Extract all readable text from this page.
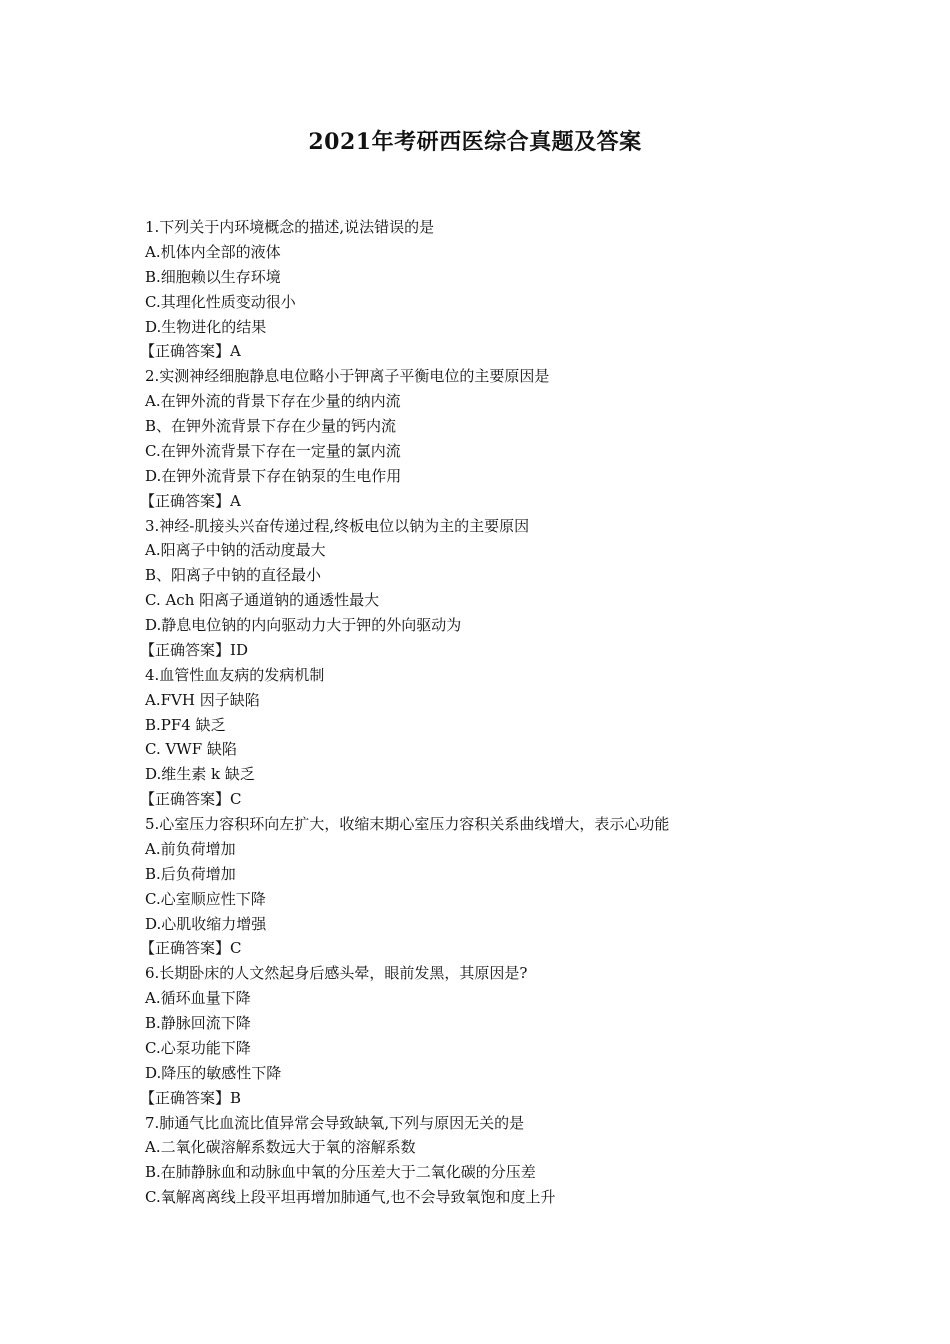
2021年考研西医综合真题及答案
1.下列关于内环境概念的描述,说法错误的是
A.机体内全部的液体
B.细胞赖以生存环境
C.其理化性质变动很小
D.生物进化的结果
【正确答案】A
2.实测神经细胞静息电位略小于钾离子平衡电位的主要原因是
A.在钾外流的背景下存在少量的纳内流
B、在钾外流背景下存在少量的钙内流
C.在钾外流背景下存在一定量的氯内流
D.在钾外流背景下存在钠泵的生电作用
【正确答案】A
3.神经-肌接头兴奋传递过程,终板电位以钠为主的主要原因
A.阳离子中钠的活动度最大
B、阳离子中钠的直径最小
C. Ach 阳离子通道钠的通透性最大
D.静息电位钠的内向驱动力大于钾的外向驱动为
【正确答案】ID
4.血管性血友病的发病机制
A.FVH 因子缺陷
B.PF4 缺乏
C. VWF 缺陷
D.维生素 k 缺乏
【正确答案】C
5.心室压力容积环向左扩大，收缩末期心室压力容积关系曲线增大，表示心功能
A.前负荷增加
B.后负荷增加
C.心室顺应性下降
D.心肌收缩力增强
【正确答案】C
6.长期卧床的人文然起身后感头晕，眼前发黑，其原因是?
A.循环血量下降
B.静脉回流下降
C.心泵功能下降
D.降压的敏感性下降
【正确答案】B
7.肺通气比血流比值异常会导致缺氧,下列与原因无关的是
A.二氧化碳溶解系数远大于氧的溶解系数
B.在肺静脉血和动脉血中氧的分压差大于二氧化碳的分压差
C.氧解离离线上段平坦再增加肺通气,也不会导致氧饱和度上升
